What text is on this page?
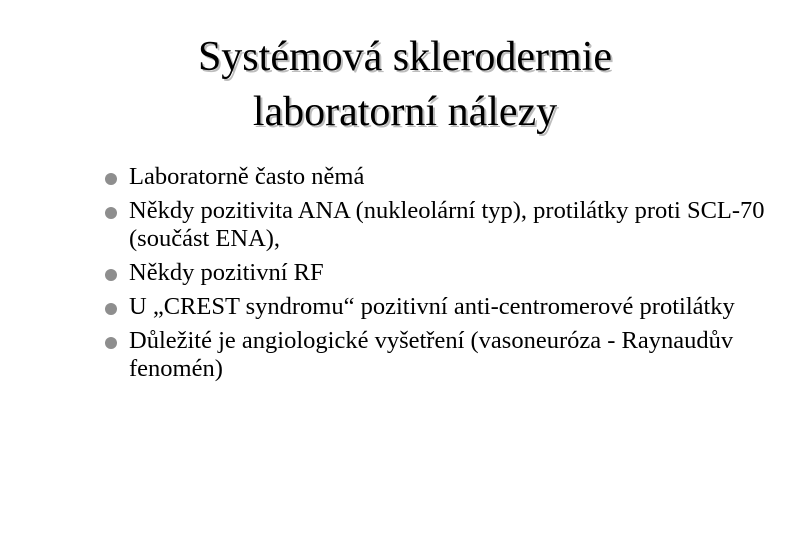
Systémová sklerodermie
laboratorní nálezy
Laboratorně často němá
Někdy pozitivita ANA (nukleolární typ), protilátky proti SCL-70 (součást ENA),
Někdy pozitivní RF
U „CREST syndromu“ pozitivní anti-centromerové protilátky
Důležité je angiologické vyšetření (vasoneuróza - Raynaudův fenomén)
